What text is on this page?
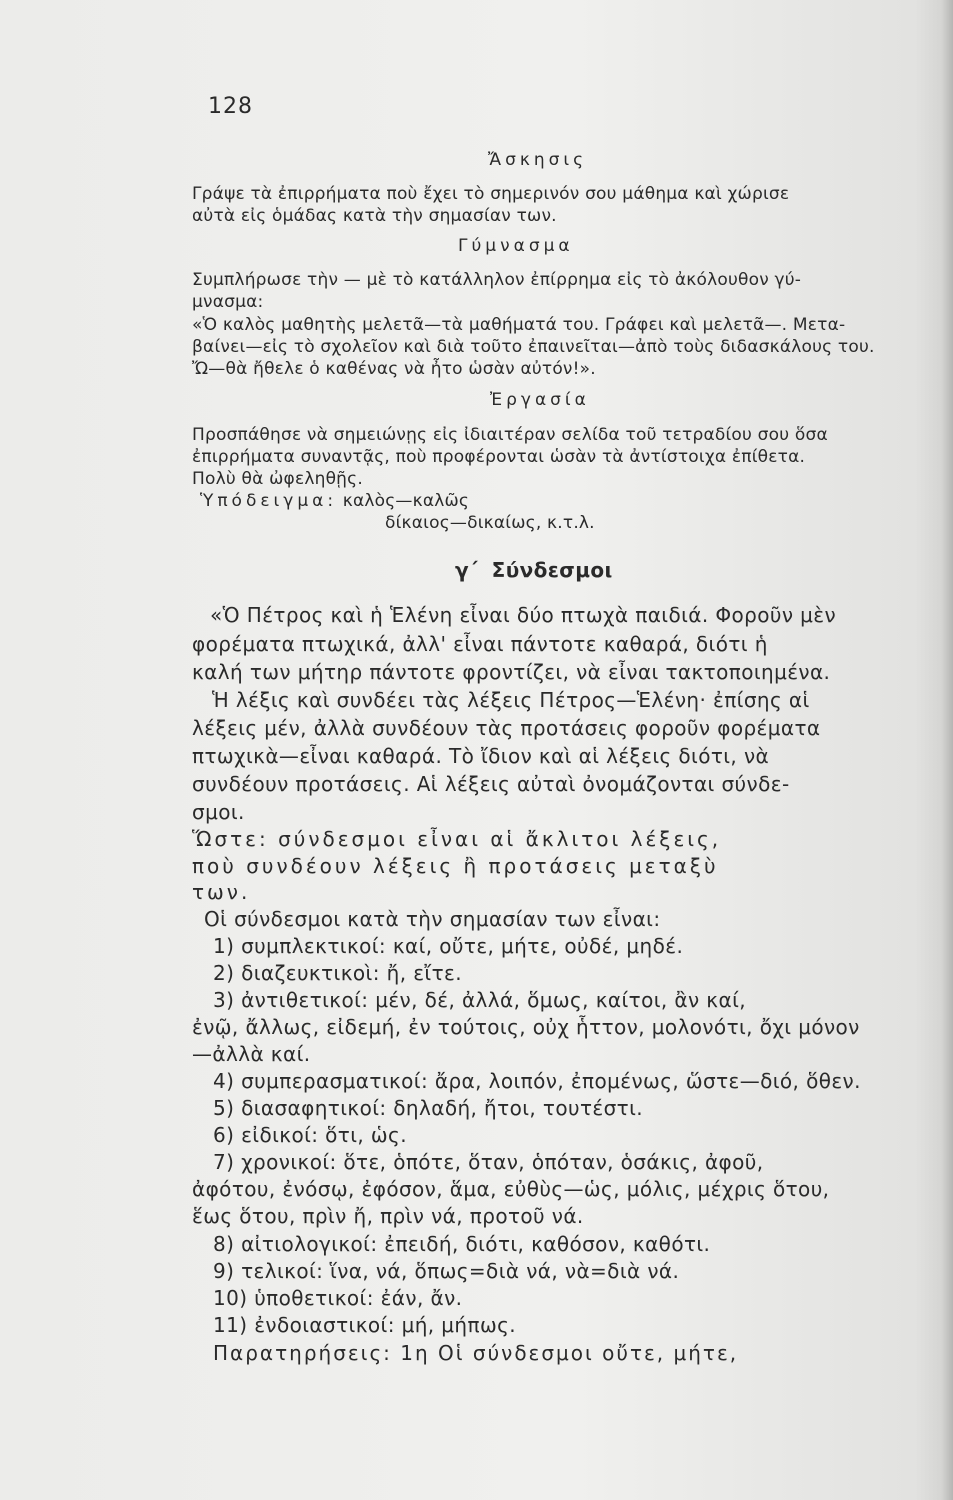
128
Ἄσκησις
Γράψε τὰ ἐπιρρήματα ποὺ ἔχει τὸ σημερινόν σου μάθημα καὶ χώρισε
αὐτὰ εἰς ὁμάδας κατὰ τὴν σημασίαν των.
Γύμνασμα
Συμπλήρωσε τὴν — μὲ τὸ κατάλληλον ἐπίρρημα εἰς τὸ ἀκόλουθον γύ-
μνασμα:
«Ὁ καλὸς μαθητὴς μελετᾶ—τὰ μαθήματά του. Γράφει καὶ μελετᾶ—. Μετα-
βαίνει—εἰς τὸ σχολεῖον καὶ διὰ τοῦτο ἐπαινεῖται—ἀπὸ τοὺς διδασκάλους του.
Ὤ—θὰ ἤθελε ὁ καθένας νὰ ἦτο ὡσὰν αὐτόν!».
Ἐργασία
Προσπάθησε νὰ σημειώνῃς εἰς ἰδιαιτέραν σελίδα τοῦ τετραδίου σου ὅσα
ἐπιρρήματα συναντᾷς, ποὺ προφέρονται ὡσὰν τὰ ἀντίστοιχα ἐπίθετα.
Πολὺ θὰ ὠφεληθῇς.
Ὑπόδειγμα: καλὸς—καλῶς
δίκαιος—δικαίως, κ.τ.λ.
γ΄ Σύνδεσμοι
«Ὁ Πέτρος καὶ ἡ Ἑλένη εἶναι δύο πτωχὰ παιδιά. Φοροῦν μὲν
φορέματα πτωχικά, ἀλλ' εἶναι πάντοτε καθαρά, διότι ἡ
καλή των μήτηρ πάντοτε φροντίζει, νὰ εἶναι τακτοποιημένα.
Ἡ λέξις καὶ συνδέει τὰς λέξεις Πέτρος—Ἑλένη· ἐπίσης αἱ
λέξεις μέν, ἀλλὰ συνδέουν τὰς προτάσεις φοροῦν φορέματα
πτωχικὰ—εἶναι καθαρά. Τὸ ἴδιον καὶ αἱ λέξεις διότι, νὰ
συνδέουν προτάσεις. Αἱ λέξεις αὐταὶ ὀνομάζονται σύνδε-
σμοι.
Ὥστε: σύνδεσμοι εἶναι αἱ ἄκλιτοι λέξεις,
ποὺ συνδέουν λέξεις ἢ προτάσεις μεταξὺ
των.
Οἱ σύνδεσμοι κατὰ τὴν σημασίαν των εἶναι:
1) συμπλεκτικοί: καί, οὔτε, μήτε, οὐδέ, μηδέ.
2) διαζευκτικοὶ: ἤ, εἴτε.
3) ἀντιθετικοί: μέν, δέ, ἀλλά, ὅμως, καίτοι, ἂν καί,
ἐνῷ, ἄλλως, εἰδεμή, ἐν τούτοις, οὐχ ἧττον, μολονότι, ὄχι μόνον
—ἀλλὰ καί.
4) συμπερασματικοί: ἄρα, λοιπόν, ἐπομένως, ὥστε—διό, ὅθεν.
5) διασαφητικοί: δηλαδή, ἤτοι, τουτέστι.
6) εἰδικοί: ὅτι, ὡς.
7) χρονικοί: ὅτε, ὁπότε, ὅταν, ὁπόταν, ὁσάκις, ἀφοῦ,
ἀφότου, ἐνόσῳ, ἐφόσον, ἅμα, εὐθὺς—ὡς, μόλις, μέχρις ὅτου,
ἕως ὅτου, πρὶν ἤ, πρὶν νά, προτοῦ νά.
8) αἰτιολογικοί: ἐπειδή, διότι, καθόσον, καθότι.
9) τελικοί: ἵνα, νά, ὅπως=διὰ νά, νὰ=διὰ νά.
10) ὑποθετικοί: ἐάν, ἄν.
11) ἐνδοιαστικοί: μή, μήπως.
Παρατηρήσεις: 1η Οἱ σύνδεσμοι οὔτε, μήτε,
